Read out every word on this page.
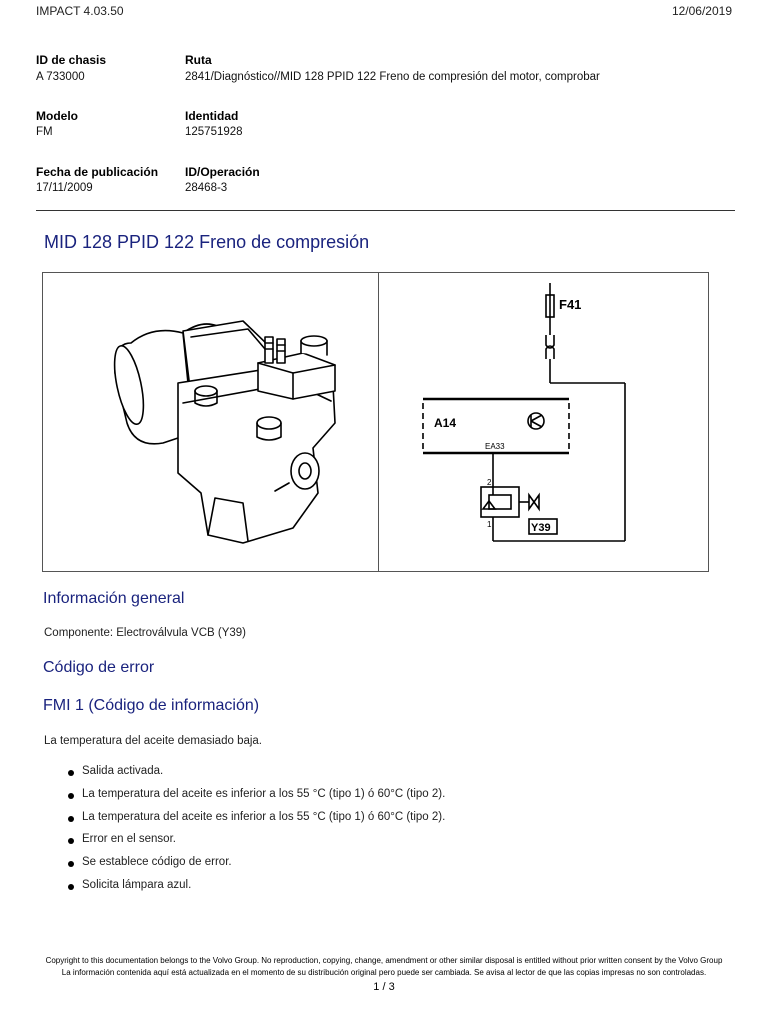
IMPACT 4.03.50	12/06/2019
ID de chasis
A 733000
Ruta
2841/Diagnóstico//MID 128 PPID 122 Freno de compresión del motor, comprobar
Modelo
FM
Identidad
125751928
Fecha de publicación
17/11/2009
ID/Operación
28468-3
MID 128 PPID 122 Freno de compresión
F41
A14
EA33
2
1	Y39
Información general
Componente: Electroválvula VCB (Y39)
Código de error
FMI 1 (Código de información)
La temperatura del aceite demasiado baja.
Salida activada.
La temperatura del aceite es inferior a los 55 °C (tipo 1) ó 60°C (tipo 2).
La temperatura del aceite es inferior a los 55 °C (tipo 1) ó 60°C (tipo 2).
Error en el sensor.
Se establece código de error.
Solicita lámpara azul.
Copyright to this documentation belongs to the Volvo Group. No reproduction, copying, change, amendment or other similar disposal is entitled without prior written consent by the Volvo Group
La información contenida aquí está actualizada en el momento de su distribución original pero puede ser cambiada. Se avisa al lector de que las copias impresas no son controladas.
1 / 3
